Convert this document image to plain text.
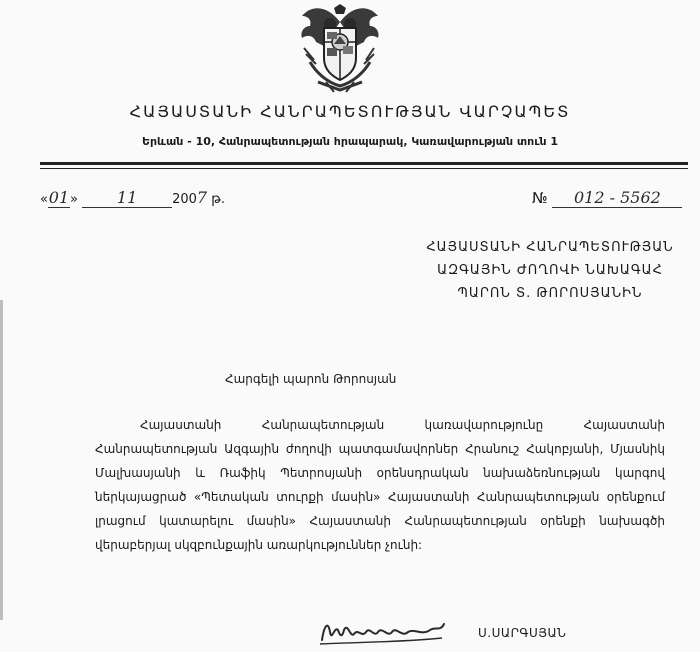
ՀԱՅԱՍՏԱՆԻ ՀԱՆՐԱՊԵՏՈՒԹՅԱՆ ՎԱՐՉԱՊԵՏ
Երևան - 10, Հանրապետության հրապարակ, Կառավարության տուն 1
«01» 11	2007 թ.	№ 012 - 5562
ՀԱՅԱՍՏԱՆԻ ՀԱՆՐԱՊԵՏՈՒԹՅԱՆ
ԱԶԳԱՅԻՆ ԺՈՂՈՎԻ ՆԱԽԱԳԱՀ
ՊԱՐՈՆ Տ. ԹՈՐՈՍՅԱՆԻՆ
Հարգելի պարոն Թորոսյան
Հայաստանի Հանրապետության կառավարությունը Հայաստանի Հանրապետության Ազգային ժողովի պատգամավորներ Հրանուշ Հակոբյանի, Մյասնիկ Մալխասյանի և Ռաֆիկ Պետրոսյանի օրենսդրական նախաձեռնության կարգով ներկայացրած «Պետական տուրքի մասին» Հայաստանի Հանրապետության օրենքում լրացում կատարելու մասին» Հայաստանի Հանրապետության օրենքի նախագծի վերաբերյալ սկզբունքային առարկություններ չունի:
Ս.ՍԱՐԳՍՅԱՆ
